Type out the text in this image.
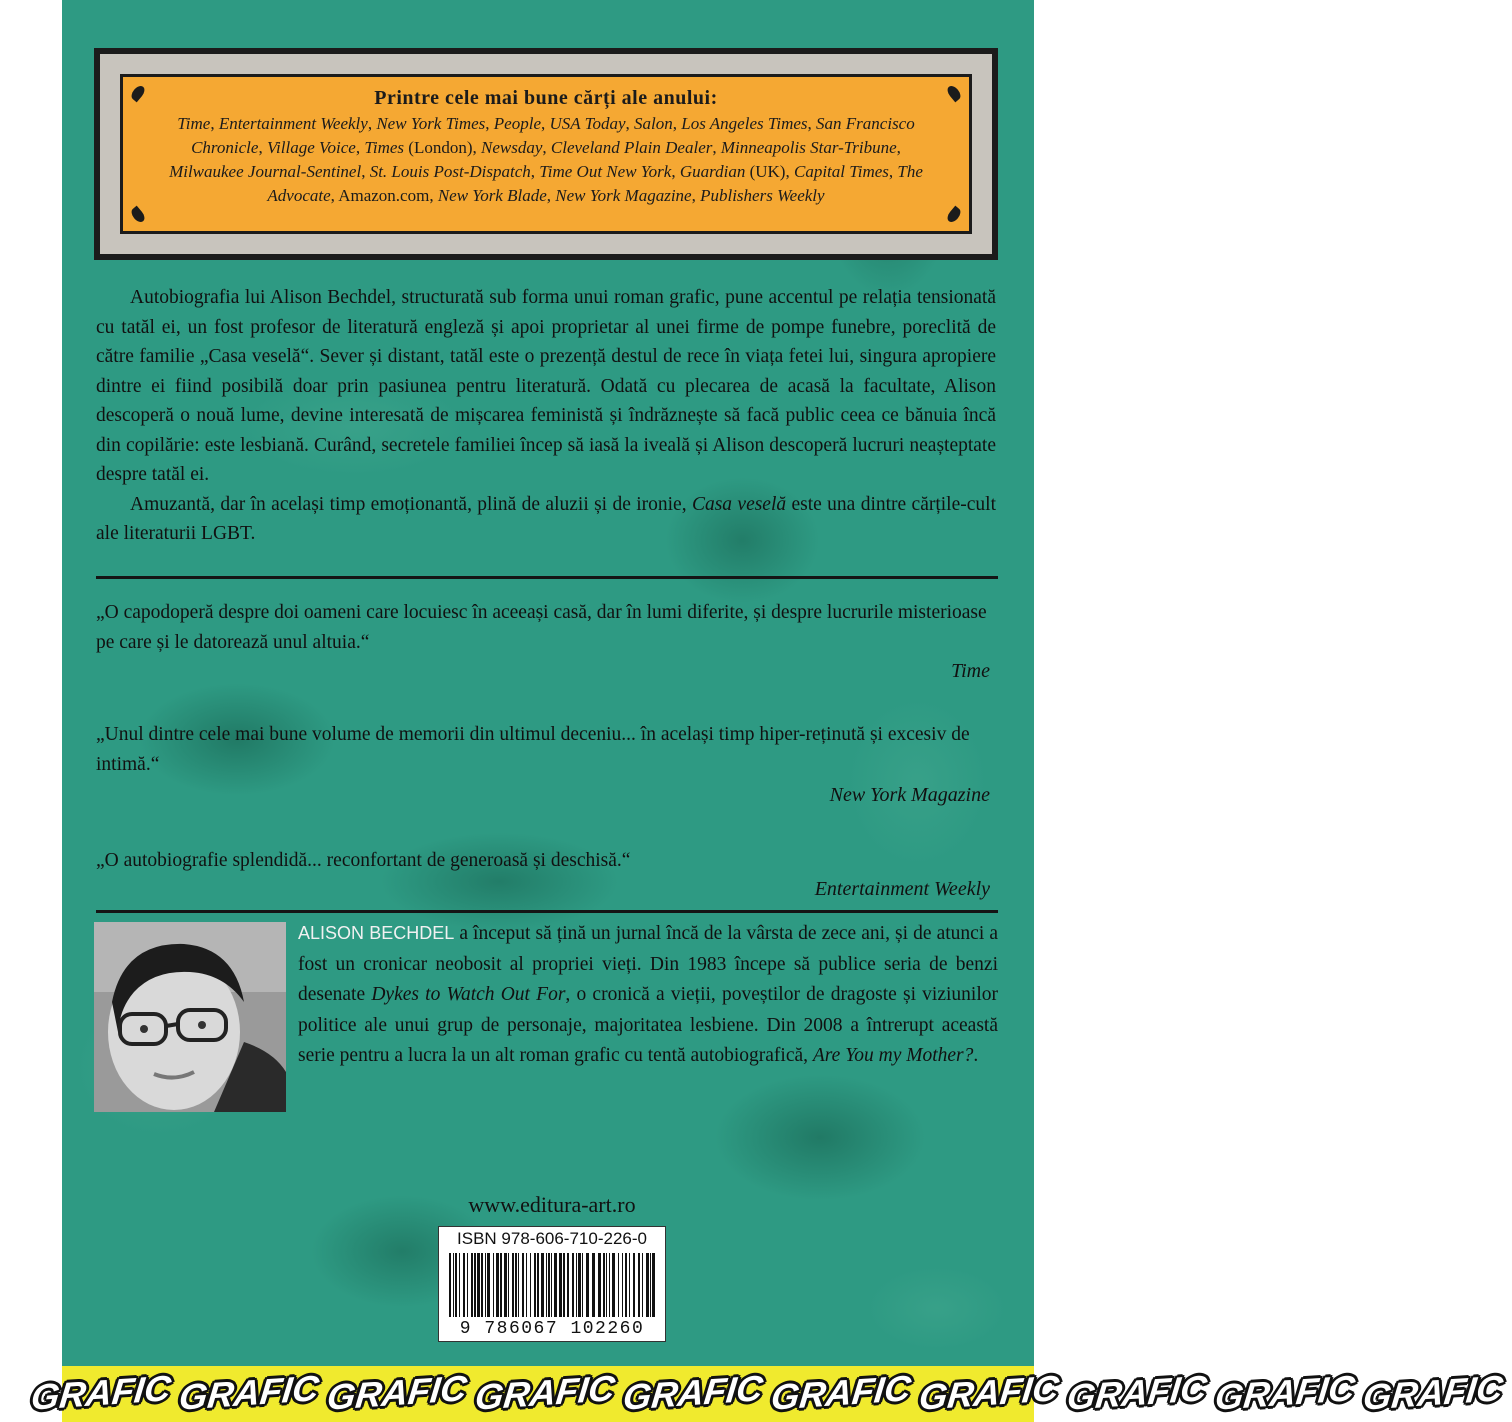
Printre cele mai bune cărți ale anului:
Time, Entertainment Weekly, New York Times, People, USA Today, Salon, Los Angeles Times, San Francisco Chronicle, Village Voice, Times (London), Newsday, Cleveland Plain Dealer, Minneapolis Star-Tribune, Milwaukee Journal-Sentinel, St. Louis Post-Dispatch, Time Out New York, Guardian (UK), Capital Times, The Advocate, Amazon.com, New York Blade, New York Magazine, Publishers Weekly

Autobiografia lui Alison Bechdel, structurată sub forma unui roman grafic, pune accentul pe relația tensionată cu tatăl ei, un fost profesor de literatură engleză și apoi proprietar al unei firme de pompe funebre, poreclită de către familie „Casa veselă“. Sever și distant, tatăl este o prezență destul de rece în viața fetei lui, singura apropiere dintre ei fiind posibilă doar prin pasiunea pentru literatură. Odată cu plecarea de acasă la facultate, Alison descoperă o nouă lume, devine interesată de mișcarea feministă și îndrăznește să facă public ceea ce bănuia încă din copilărie: este lesbiană. Curând, secretele familiei încep să iasă la iveală și Alison descoperă lucruri neașteptate despre tatăl ei.

Amuzantă, dar în același timp emoționantă, plină de aluzii și de ironie, Casa veselă este una dintre cărțile-cult ale literaturii LGBT.

„O capodoperă despre doi oameni care locuiesc în aceeași casă, dar în lumi diferite, și despre lucrurile misterioase pe care și le datorează unul altuia.“
Time
„Unul dintre cele mai bune volume de memorii din ultimul deceniu... în același timp hiper-reținută și excesiv de intimă.“
New York Magazine
„O autobiografie splendidă... reconfortant de generoasă și deschisă.“
Entertainment Weekly
ALISON BECHDEL a început să țină un jurnal încă de la vârsta de zece ani, și de atunci a fost un cronicar neobosit al propriei vieți. Din 1983 începe să publice seria de benzi desenate Dykes to Watch Out For, o cronică a vieții, poveștilor de dragoste și viziunilor politice ale unui grup de personaje, majoritatea lesbiene. Din 2008 a întrerupt această serie pentru a lucra la un alt roman grafic cu tentă autobiografică, Are You my Mother?.
www.editura-art.ro
ISBN 978-606-710-226-0
9 786067 102260
GRAFIC GRAFIC GRAFIC GRAFIC GRAFIC GRAFIC GRAFIC GRAFIC GRAFIC GRAFIC
